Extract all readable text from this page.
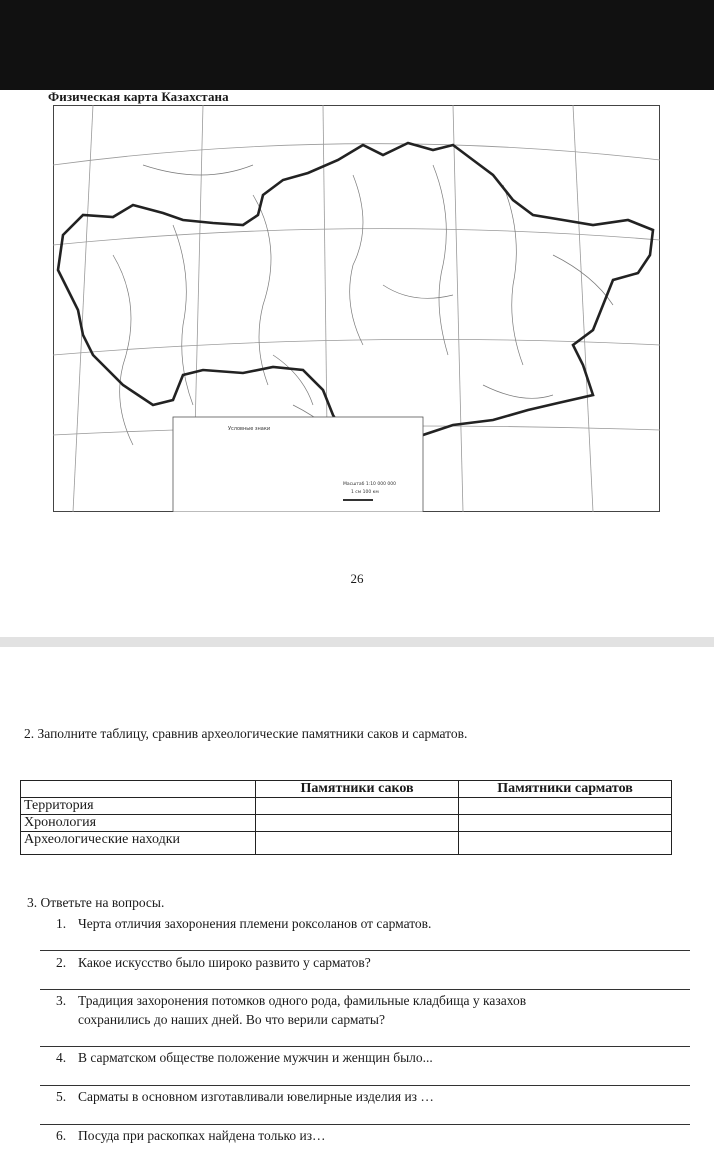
Физическая карта Казахстана
Условные знаки
Масштаб 1:10 000 000
1 см 100 км
26
2. Заполните таблицу, сравнив археологические памятники саков и сарматов.
	Памятники саков	Памятники сарматов
Территория		
Хронология		
Археологические находки		
3. Ответьте на вопросы.
1. Черта отличия захоронения племени роксоланов от сарматов.
2. Какое искусство было широко развито у сарматов?
3. Традиция захоронения потомков одного рода, фамильные кладбища у казахов
сохранились до наших дней. Во что верили сарматы?
4. В сарматском обществе положение мужчин и женщин было...
5. Сарматы в основном изготавливали ювелирные изделия из …
6. Посуда при раскопках найдена только из…
